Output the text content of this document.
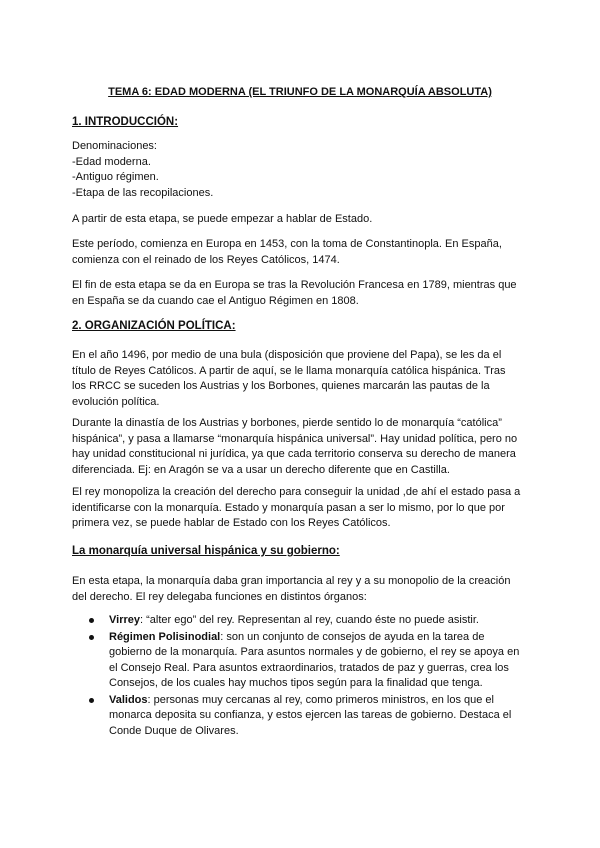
TEMA 6: EDAD MODERNA (EL TRIUNFO DE LA MONARQUÍA ABSOLUTA)
1. INTRODUCCIÓN:
Denominaciones:
-Edad moderna.
-Antiguo régimen.
-Etapa de las recopilaciones.
A partir de esta etapa, se puede empezar a hablar de Estado.
Este período, comienza en Europa en 1453, con la toma de Constantinopla. En España,
comienza con el reinado de los Reyes Católicos, 1474.
El fin de esta etapa se da en Europa se tras la Revolución Francesa en 1789, mientras que
en España se da cuando cae el Antiguo Régimen en 1808.
2. ORGANIZACIÓN POLÍTICA:
En el año 1496, por medio de una bula (disposición que proviene del Papa), se les da el
título de Reyes Católicos. A partir de aquí, se le llama monarquía católica hispánica. Tras
los RRCC se suceden los Austrias y los Borbones, quienes marcarán las pautas de la
evolución política.
Durante la dinastía de los Austrias y borbones, pierde sentido lo de monarquía “católica”
hispánica”, y pasa a llamarse “monarquía hispánica universal”. Hay unidad política, pero no
hay unidad constitucional ni jurídica, ya que cada territorio conserva su derecho de manera
diferenciada. Ej: en Aragón se va a usar un derecho diferente que en Castilla.
El rey monopoliza la creación del derecho para conseguir la unidad ,de ahí el estado pasa a
identificarse con la monarquía. Estado y monarquía pasan a ser lo mismo, por lo que por
primera vez, se puede hablar de Estado con los Reyes Católicos.
La monarquía universal hispánica y su gobierno:
En esta etapa, la monarquía daba gran importancia al rey y a su monopolio de la creación
del derecho. El rey delegaba funciones en distintos órganos:
Virrey: “alter ego” del rey. Representan al rey, cuando éste no puede asistir.
Régimen Polisinodial: son un conjunto de consejos de ayuda en la tarea de
gobierno de la monarquía. Para asuntos normales y de gobierno, el rey se apoya en
el Consejo Real. Para asuntos extraordinarios, tratados de paz y guerras, crea los
Consejos, de los cuales hay muchos tipos según para la finalidad que tenga.
Validos: personas muy cercanas al rey, como primeros ministros, en los que el
monarca deposita su confianza, y estos ejercen las tareas de gobierno. Destaca el
Conde Duque de Olivares.
